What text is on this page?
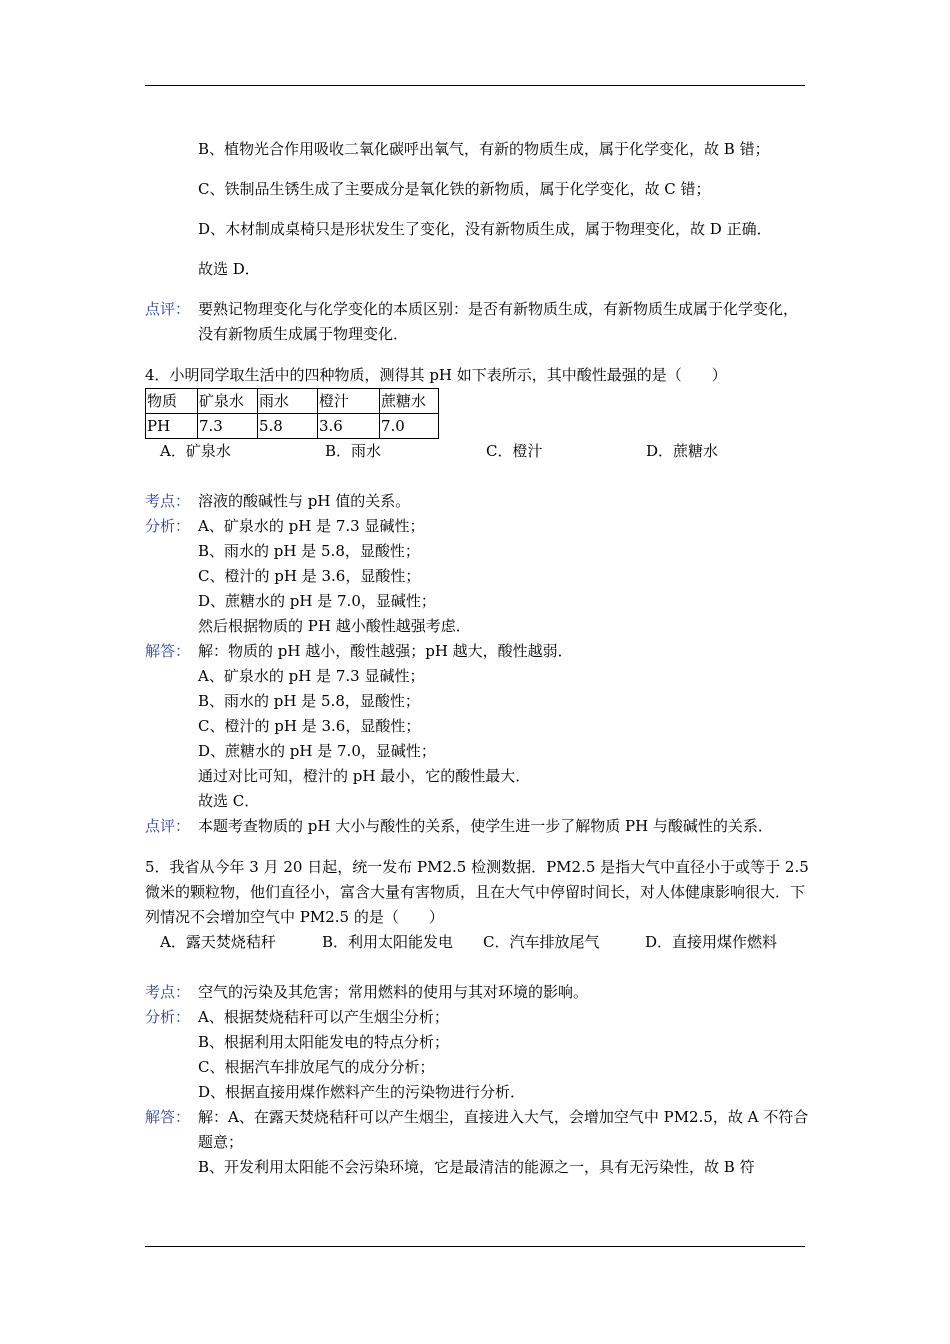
B、植物光合作用吸收二氧化碳呼出氧气，有新的物质生成，属于化学变化，故 B 错；

C、铁制品生锈生成了主要成分是氧化铁的新物质，属于化学变化，故 C 错；

D、木材制成桌椅只是形状发生了变化，没有新物质生成，属于物理变化，故 D 正确．

故选 D．

点评： 要熟记物理变化与化学变化的本质区别：是否有新物质生成，有新物质生成属于化学变化，没有新物质生成属于物理变化．

4．小明同学取生活中的四种物质，测得其 pH 如下表所示，其中酸性最强的是（　　）

物质	矿泉水	雨水	橙汁	蔗糖水
PH	7.3	5.8	3.6	7.0
A．矿泉水	B．雨水	C．橙汁	D．蔗糖水
考点： 溶液的酸碱性与 pH 值的关系。

分析： A、矿泉水的 pH 是 7.3 显碱性；

B、雨水的 pH 是 5.8，显酸性；

C、橙汁的 pH 是 3.6，显酸性；

D、蔗糖水的 pH 是 7.0，显碱性；

然后根据物质的 PH 越小酸性越强考虑．

解答： 解：物质的 pH 越小，酸性越强；pH 越大，酸性越弱．

A、矿泉水的 pH 是 7.3 显碱性；

B、雨水的 pH 是 5.8，显酸性；

C、橙汁的 pH 是 3.6，显酸性；

D、蔗糖水的 pH 是 7.0，显碱性；

通过对比可知，橙汁的 pH 最小，它的酸性最大．

故选 C．

点评： 本题考查物质的 pH 大小与酸性的关系，使学生进一步了解物质 PH 与酸碱性的关系．

5．我省从今年 3 月 20 日起，统一发布 PM2.5 检测数据．PM2.5 是指大气中直径小于或等于 2.5 微米的颗粒物，他们直径小，富含大量有害物质，且在大气中停留时间长，对人体健康影响很大．下列情况不会增加空气中 PM2.5 的是（　　）

A．露天焚烧秸秆	B．利用太阳能发电	C．汽车排放尾气	D．直接用煤作燃料
考点： 空气的污染及其危害；常用燃料的使用与其对环境的影响。

分析： A、根据焚烧秸秆可以产生烟尘分析；

B、根据利用太阳能发电的特点分析；

C、根据汽车排放尾气的成分分析；

D、根据直接用煤作燃料产生的污染物进行分析．

解答： 解：A、在露天焚烧秸秆可以产生烟尘，直接进入大气，会增加空气中 PM2.5，故 A 不符合题意；

B、开发利用太阳能不会污染环境，它是最清洁的能源之一，具有无污染性，故 B 符
